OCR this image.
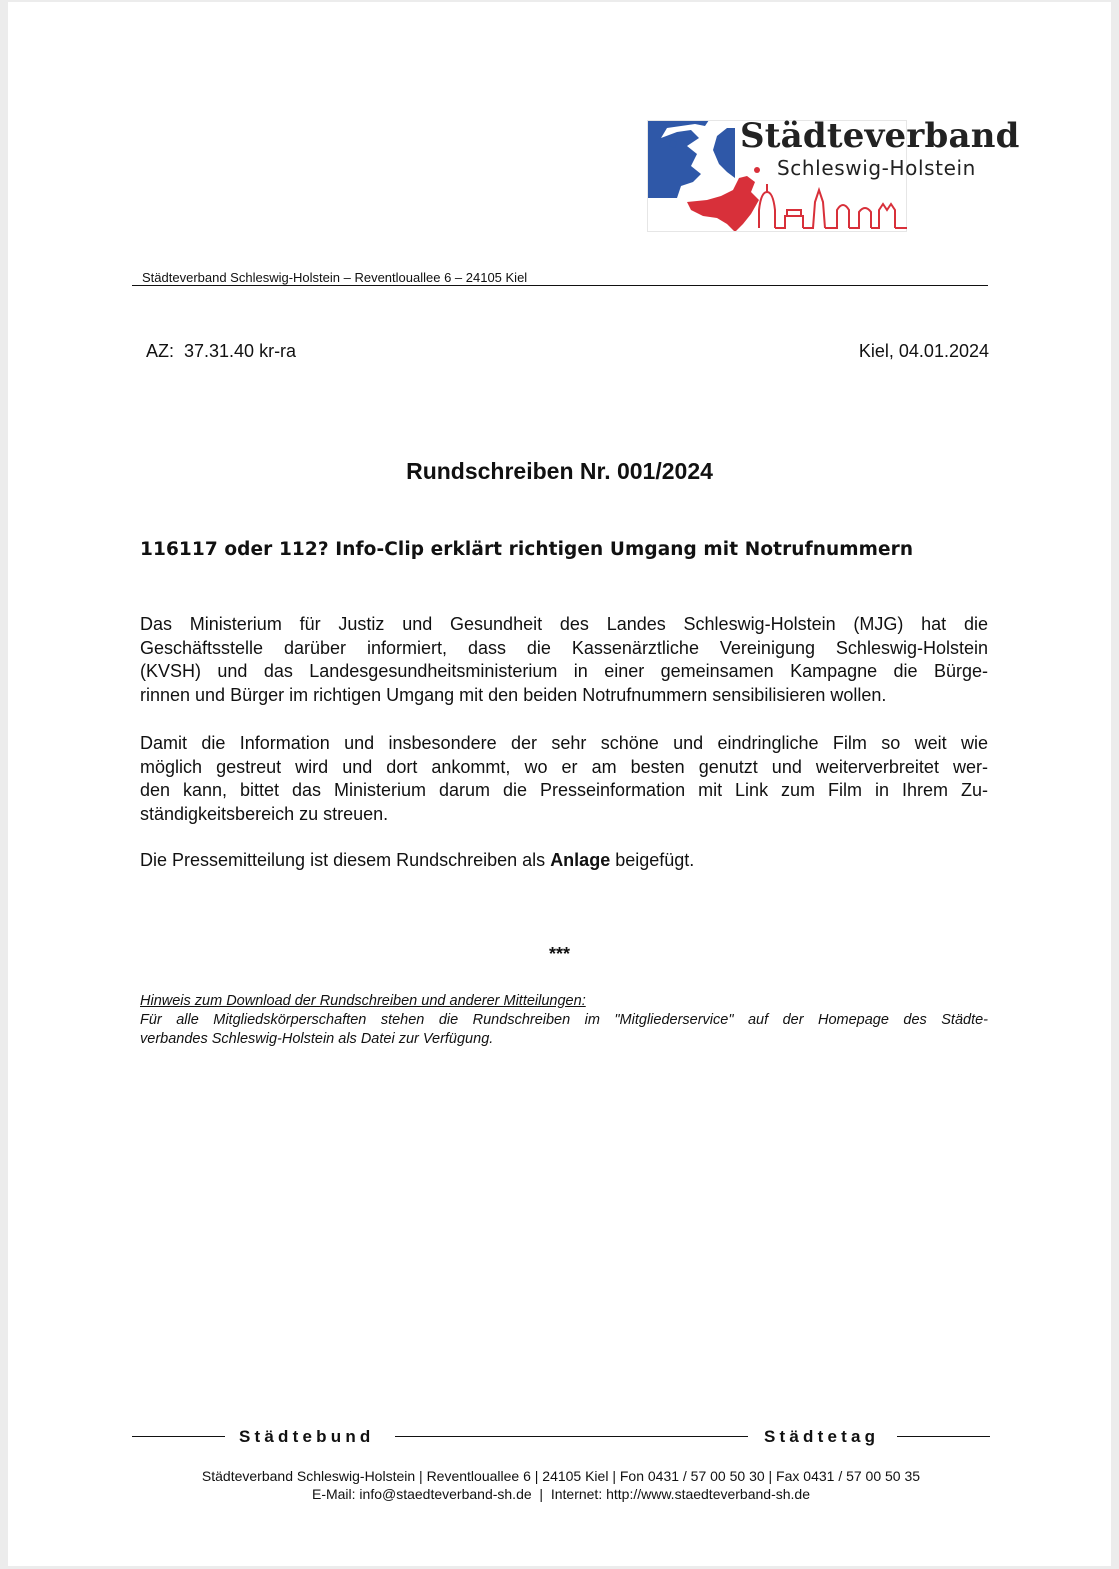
Städteverband
Schleswig-Holstein
Städteverband Schleswig-Holstein – Reventlouallee 6 – 24105 Kiel
AZ:  37.31.40 kr-ra	Kiel, 04.01.2024
Rundschreiben Nr. 001/2024
116117 oder 112? Info-Clip erklärt richtigen Umgang mit Notrufnummern
Das Ministerium für Justiz und Gesundheit des Landes Schleswig-Holstein (MJG) hat die
Geschäftsstelle darüber informiert, dass die Kassenärztliche Vereinigung Schleswig-Holstein
(KVSH) und das Landesgesundheitsministerium in einer gemeinsamen Kampagne die Bürge-
rinnen und Bürger im richtigen Umgang mit den beiden Notrufnummern sensibilisieren wollen.
Damit die Information und insbesondere der sehr schöne und eindringliche Film so weit wie
möglich gestreut wird und dort ankommt, wo er am besten genutzt und weiterverbreitet wer-
den kann, bittet das Ministerium darum die Presseinformation mit Link zum Film in Ihrem Zu-
ständigkeitsbereich zu streuen.
Die Pressemitteilung ist diesem Rundschreiben als Anlage beigefügt.
***
Hinweis zum Download der Rundschreiben und anderer Mitteilungen:
Für alle Mitgliedskörperschaften stehen die Rundschreiben im "Mitgliederservice" auf der Homepage des Städte-
verbandes Schleswig-Holstein als Datei zur Verfügung.
Städtebund	Städtetag
Städteverband Schleswig-Holstein | Reventlouallee 6 | 24105 Kiel | Fon 0431 / 57 00 50 30 | Fax 0431 / 57 00 50 35
E-Mail: info@staedteverband-sh.de  |  Internet: http://www.staedteverband-sh.de
